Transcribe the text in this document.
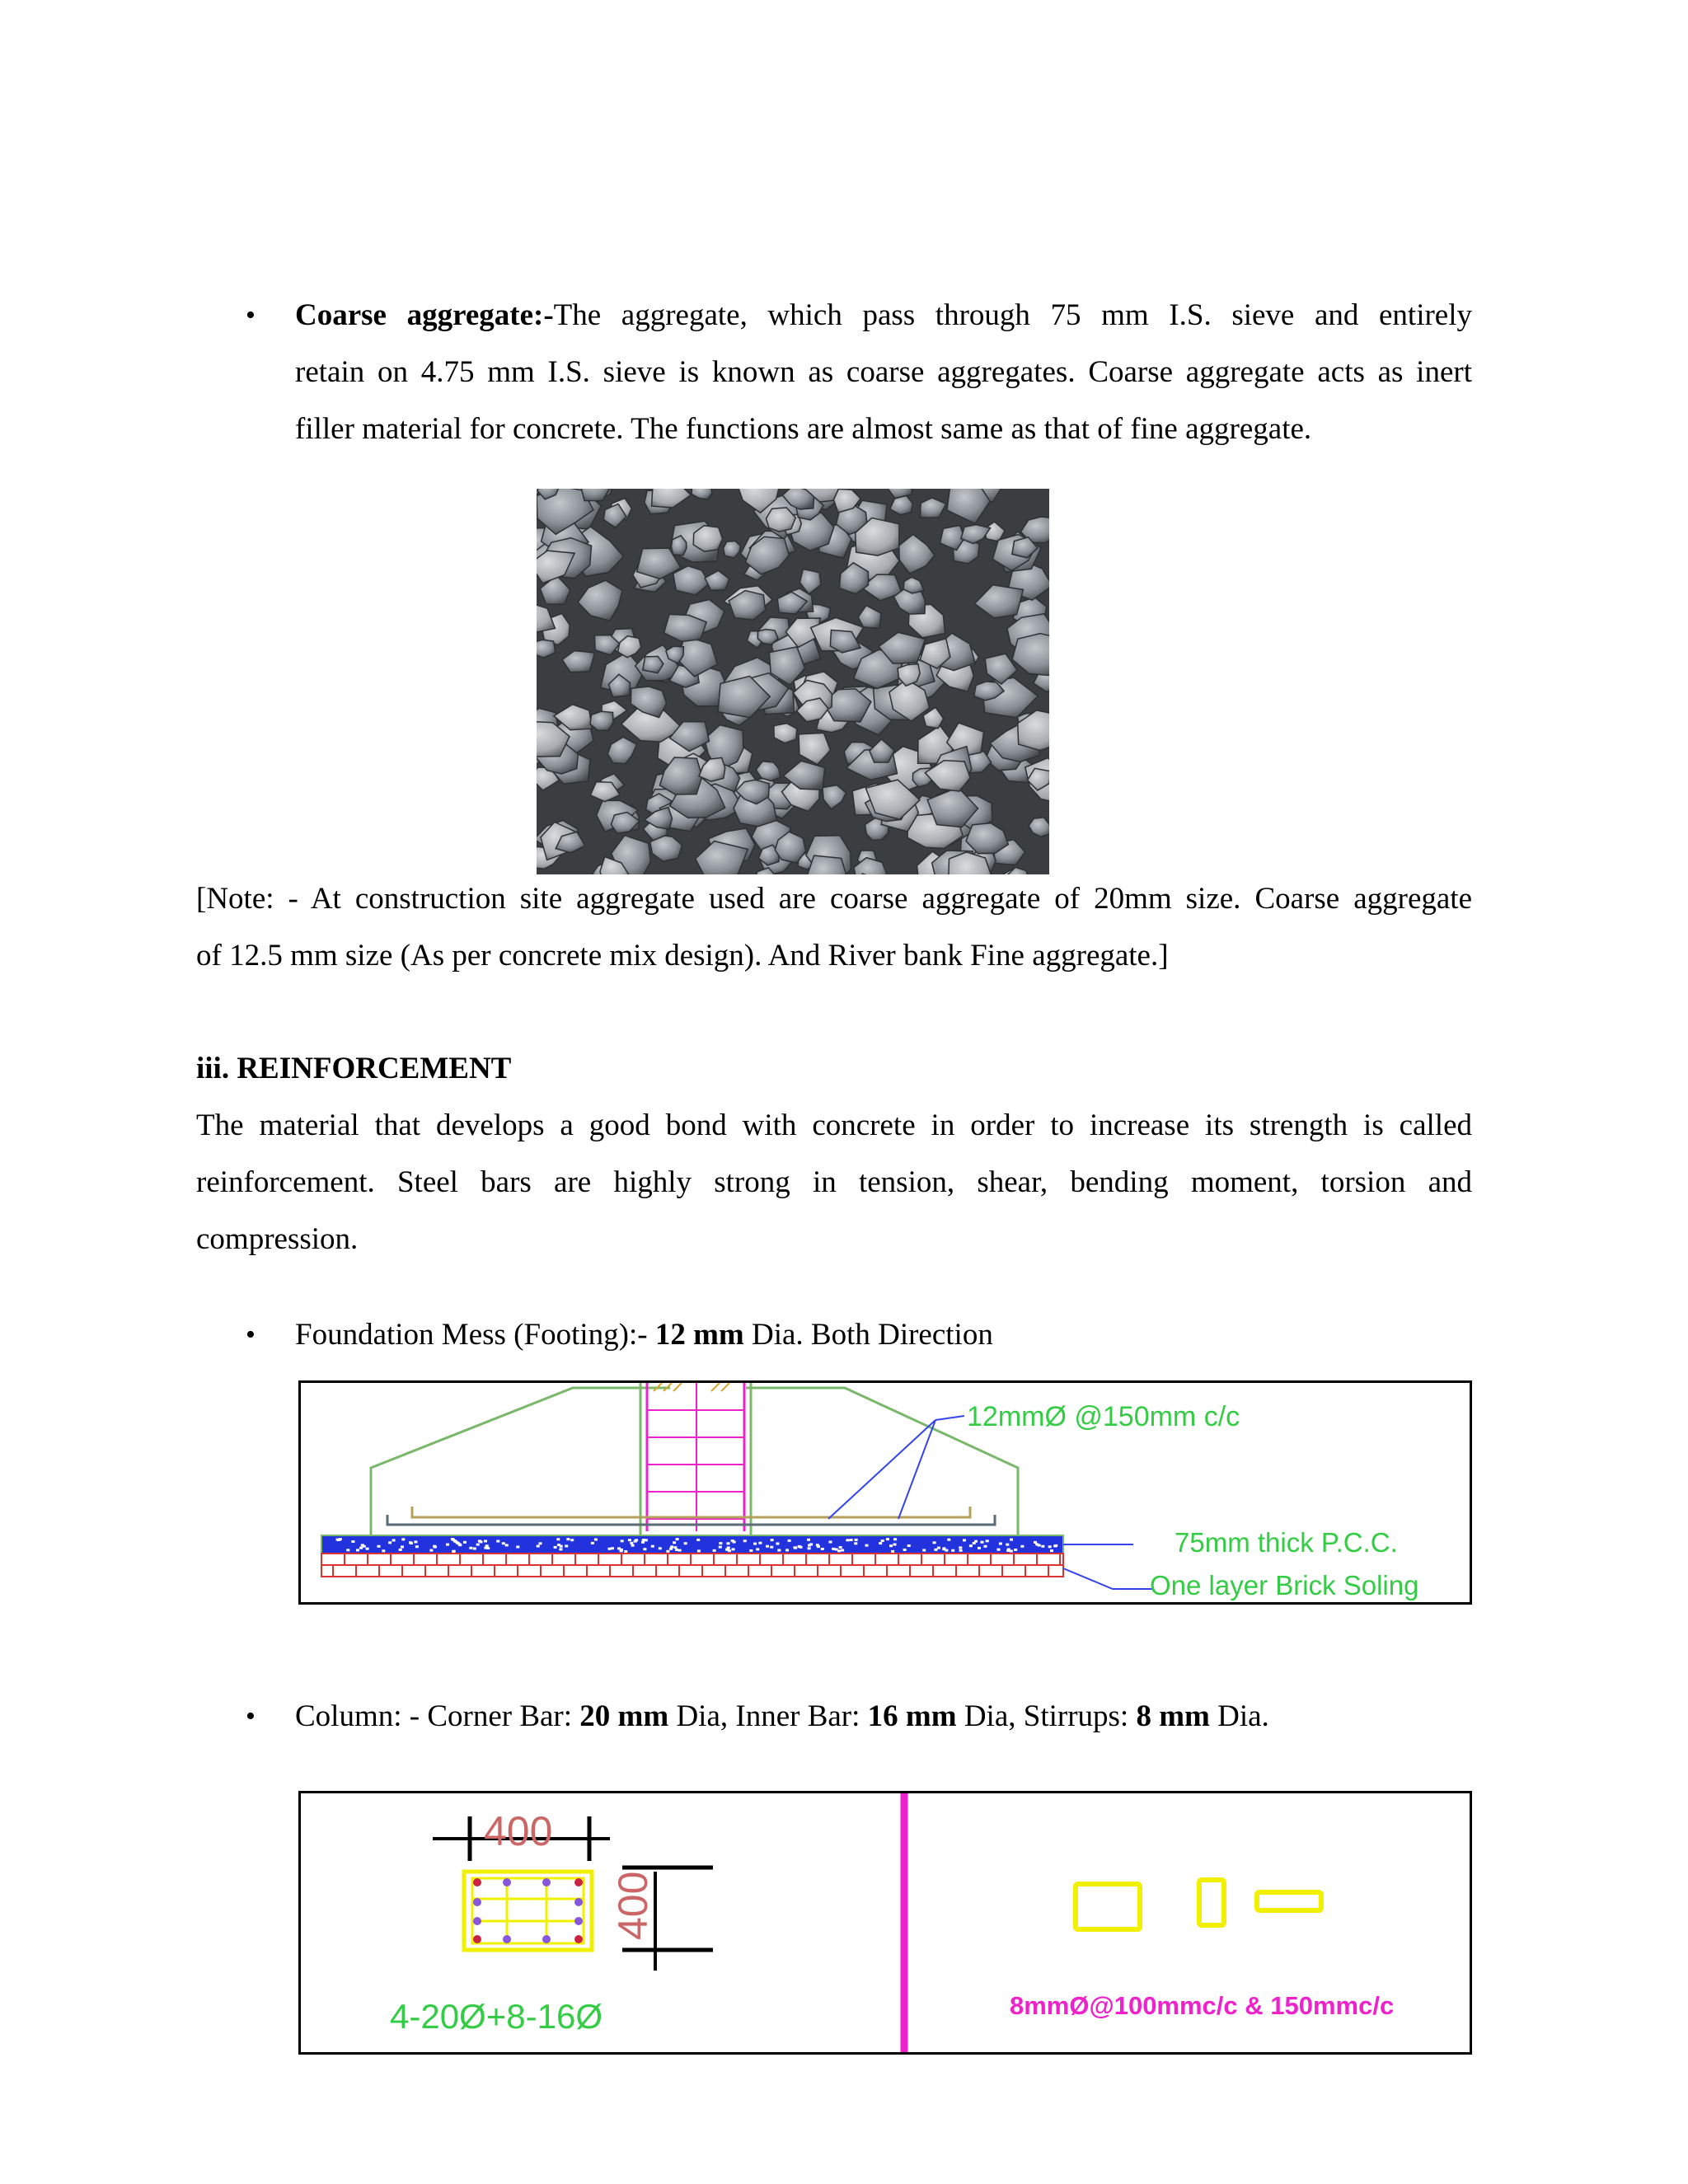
• Coarse aggregate:-The aggregate, which pass through 75 mm I.S. sieve and entirely
retain on 4.75 mm I.S. sieve is known as coarse aggregates. Coarse aggregate acts as inert
filler material for concrete. The functions are almost same as that of fine aggregate.
[Note: - At construction site aggregate used are coarse aggregate of 20mm size. Coarse aggregate
of 12.5 mm size (As per concrete mix design). And River bank Fine aggregate.]
iii. REINFORCEMENT
The material that develops a good bond with concrete in order to increase its strength is called
reinforcement. Steel bars are highly strong in tension, shear, bending moment, torsion and
compression.
• Foundation Mess (Footing):- 12 mm Dia. Both Direction
12mmØ @150mm c/c
75mm thick P.C.C.
One layer Brick Soling
• Column: - Corner Bar: 20 mm Dia, Inner Bar: 16 mm Dia, Stirrups: 8 mm Dia.
400
400
4-20Ø+8-16Ø	8mmØ@100mmc/c & 150mmc/c
